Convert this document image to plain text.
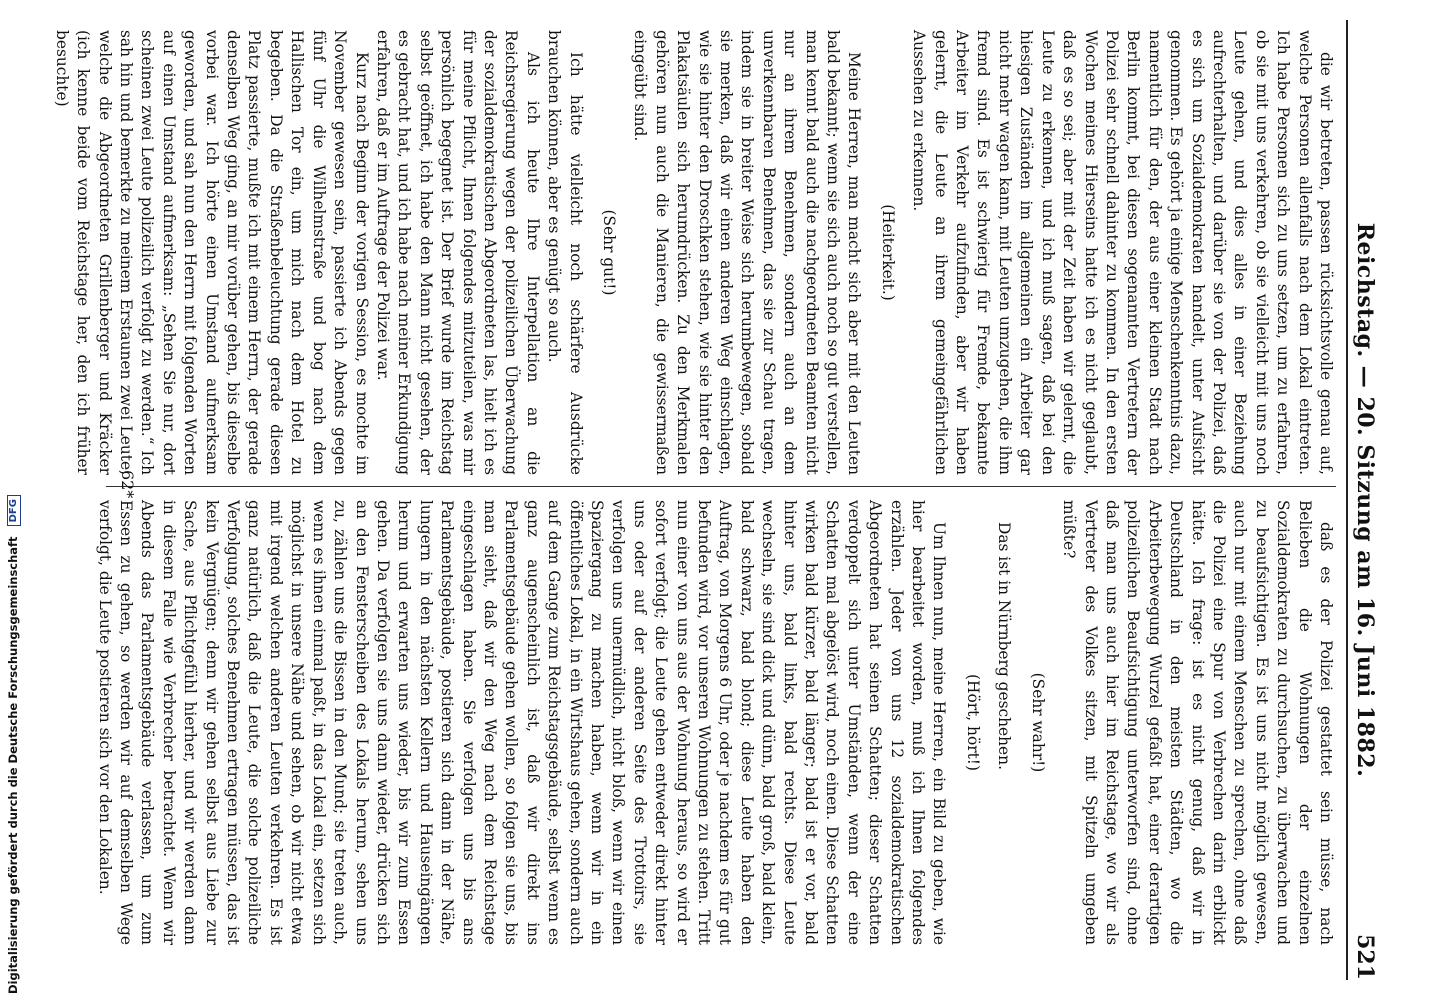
Reichstag. — 20. Sitzung am 16. Juni 1882.
521

die wir betreten, passen rücksichtsvolle genau auf, welche Personen allenfalls nach dem Lokal eintreten. Ich habe Personen sich zu uns setzen, um zu erfahren, ob sie mit uns verkehren, ob sie vielleicht mit uns noch Leute gehen, und dies alles in einer Beziehung aufrechterhalten, und darüber sie von der Polizei, daß es sich um Sozialdemokraten handelt, unter Aufsicht genommen. Es gehört ja einige Menschenkenntnis dazu, namentlich für den, der aus einer kleinen Stadt nach Berlin kommt, bei diesen sogenannten Vertretern der Polizei sehr schnell dahinter zu kommen. In den ersten Wochen meines Hierseins hatte ich es nicht geglaubt, daß es so sei; aber mit der Zeit haben wir gelernt, die Leute zu erkennen, und ich muß sagen, daß bei den hiesigen Zuständen im allgemeinen ein Arbeiter gar nicht mehr wagen kann, mit Leuten umzugehen, die ihm fremd sind. Es ist schwierig für Fremde, bekannte Arbeiter im Verkehr aufzufinden, aber wir haben gelernt, die Leute an ihrem gemeingefährlichen Aussehen zu erkennen.

(Heiterkeit.)

Meine Herren, man macht sich aber mit den Leuten bald bekannt; wenn sie sich auch noch so gut verstellen, man kennt bald auch die nachgeordneten Beamten nicht nur an ihrem Benehmen, sondern auch an dem unverkennbaren Benehmen, das sie zur Schau tragen, indem sie in breiter Weise sich herumbewegen, sobald sie merken, daß wir einen anderen Weg einschlagen, wie sie hinter den Droschken stehen, wie sie hinter den Plakatsäulen sich herumdrücken. Zu den Merkmalen gehören nun auch die Manieren, die gewissermaßen eingeübt sind.

(Sehr gut!)

Ich hätte vielleicht noch schärfere Ausdrücke brauchen können, aber es genügt so auch.

Als ich heute Ihre Interpellation an die Reichsregierung wegen der polizeilichen Überwachung der sozialdemokratischen Abgeordneten las, hielt ich es für meine Pflicht, Ihnen folgendes mitzuteilen, was mir persönlich begegnet ist. Der Brief wurde im Reichstag selbst geöffnet, ich habe den Mann nicht gesehen, der es gebracht hat, und ich habe nach meiner Erkundigung erfahren, daß er im Auftrage der Polizei war.

Kurz nach Beginn der vorigen Session, es mochte im November gewesen sein, passierte ich Abends gegen fünf Uhr die Wilhelmstraße und bog nach dem Hallischen Tor ein, um mich nach dem Hotel zu begeben. Da die Straßenbeleuchtung gerade diesen Platz passierte, mußte ich mit einem Herrn, der gerade denselben Weg ging, an mir vorüber gehen, bis dieselbe vorbei war. Ich hörte einen Umstand aufmerksam geworden, und sah nun den Herrn mit folgenden Worten auf einen Umstand aufmerksam: „Sehen Sie nur, dort scheinen zwei Leute polizeilich verfolgt zu werden.“ Ich sah hin und bemerkte zu meinem Erstaunen zwei Leute, welche die Abgeordneten Grillenberger und Kräcker (ich kenne beide vom Reichstage her, den ich früher besuchte)

daß es der Polizei gestattet sein müsse, nach Belieben die Wohnungen der einzelnen Sozialdemokraten zu durchsuchen, zu überwachen und zu beaufsichtigen. Es ist uns nicht möglich gewesen, auch nur mit einem Menschen zu sprechen, ohne daß die Polizei eine Spur von Verbrechen darin erblickt hätte. Ich frage: ist es nicht genug, daß wir in Deutschland in den meisten Städten, wo die Arbeiterbewegung Wurzel gefaßt hat, einer derartigen polizeilichen Beaufsichtigung unterworfen sind, ohne daß man uns auch hier im Reichstage, wo wir als Vertreter des Volkes sitzen, mit Spitzeln umgeben müßte?

(Sehr wahr!)

Das ist in Nürnberg geschehen.

(Hört, hört!)

Um Ihnen nun, meine Herren, ein Bild zu geben, wie hier bearbeitet worden, muß ich Ihnen folgendes erzählen. Jeder von uns 12 sozialdemokratischen Abgeordneten hat seinen Schatten; dieser Schatten verdoppelt sich unter Umständen, wenn der eine Schatten mal abgelöst wird, noch einen. Diese Schatten wirken bald kürzer, bald länger; bald ist er vor, bald hinter uns, bald links, bald rechts. Diese Leute wechseln, sie sind dick und dünn, bald groß, bald klein, bald schwarz, bald blond; diese Leute haben den Auftrag, von Morgens 6 Uhr, oder je nachdem es für gut befunden wird, vor unseren Wohnungen zu stehen. Tritt nun einer von uns aus der Wohnung heraus, so wird er sofort verfolgt; die Leute gehen entweder direkt hinter uns oder auf der anderen Seite des Trottoirs, sie verfolgen uns unermüdlich, nicht bloß, wenn wir einen Spaziergang zu machen haben, wenn wir in ein öffentliches Lokal, in ein Wirtshaus gehen, sondern auch auf dem Gange zum Reichstagsgebäude, selbst wenn es ganz augenscheinlich ist, daß wir direkt ins Parlamentsgebäude gehen wollen, so folgen sie uns, bis man sieht, daß wir den Weg nach dem Reichstage eingeschlagen haben. Sie verfolgen uns bis ans Parlamentsgebäude, postieren sich dann in der Nähe, lungern in den nächsten Kellern und Hauseingängen herum und erwarten uns wieder, bis wir zum Essen gehen. Da verfolgen sie uns dann wieder, drücken sich an den Fensterscheiben des Lokals herum, sehen uns zu, zählen uns die Bissen in den Mund; sie treten auch, wenn es ihnen einmal paßt, in das Lokal ein, setzen sich möglichst in unsere Nähe und sehen, ob wir nicht etwa mit irgend welchen anderen Leuten verkehren. Es ist ganz natürlich, daß die Leute, die solche polizeiliche Verfolgung, solches Benehmen ertragen müssen, das ist kein Vergnügen; denn wir gehen selbst aus Liebe zur Sache, aus Pflichtgefühl hierher, und wir werden dann in diesem Falle wie Verbrecher betrachtet. Wenn wir Abends das Parlamentsgebäude verlassen, um zum Essen zu gehen, so werden wir auf demselben Wege verfolgt, die Leute postieren sich vor den Lokalen.

62*
Digitalisierung gefördert durch die Deutsche Forschungsgemeinschaft DFG
